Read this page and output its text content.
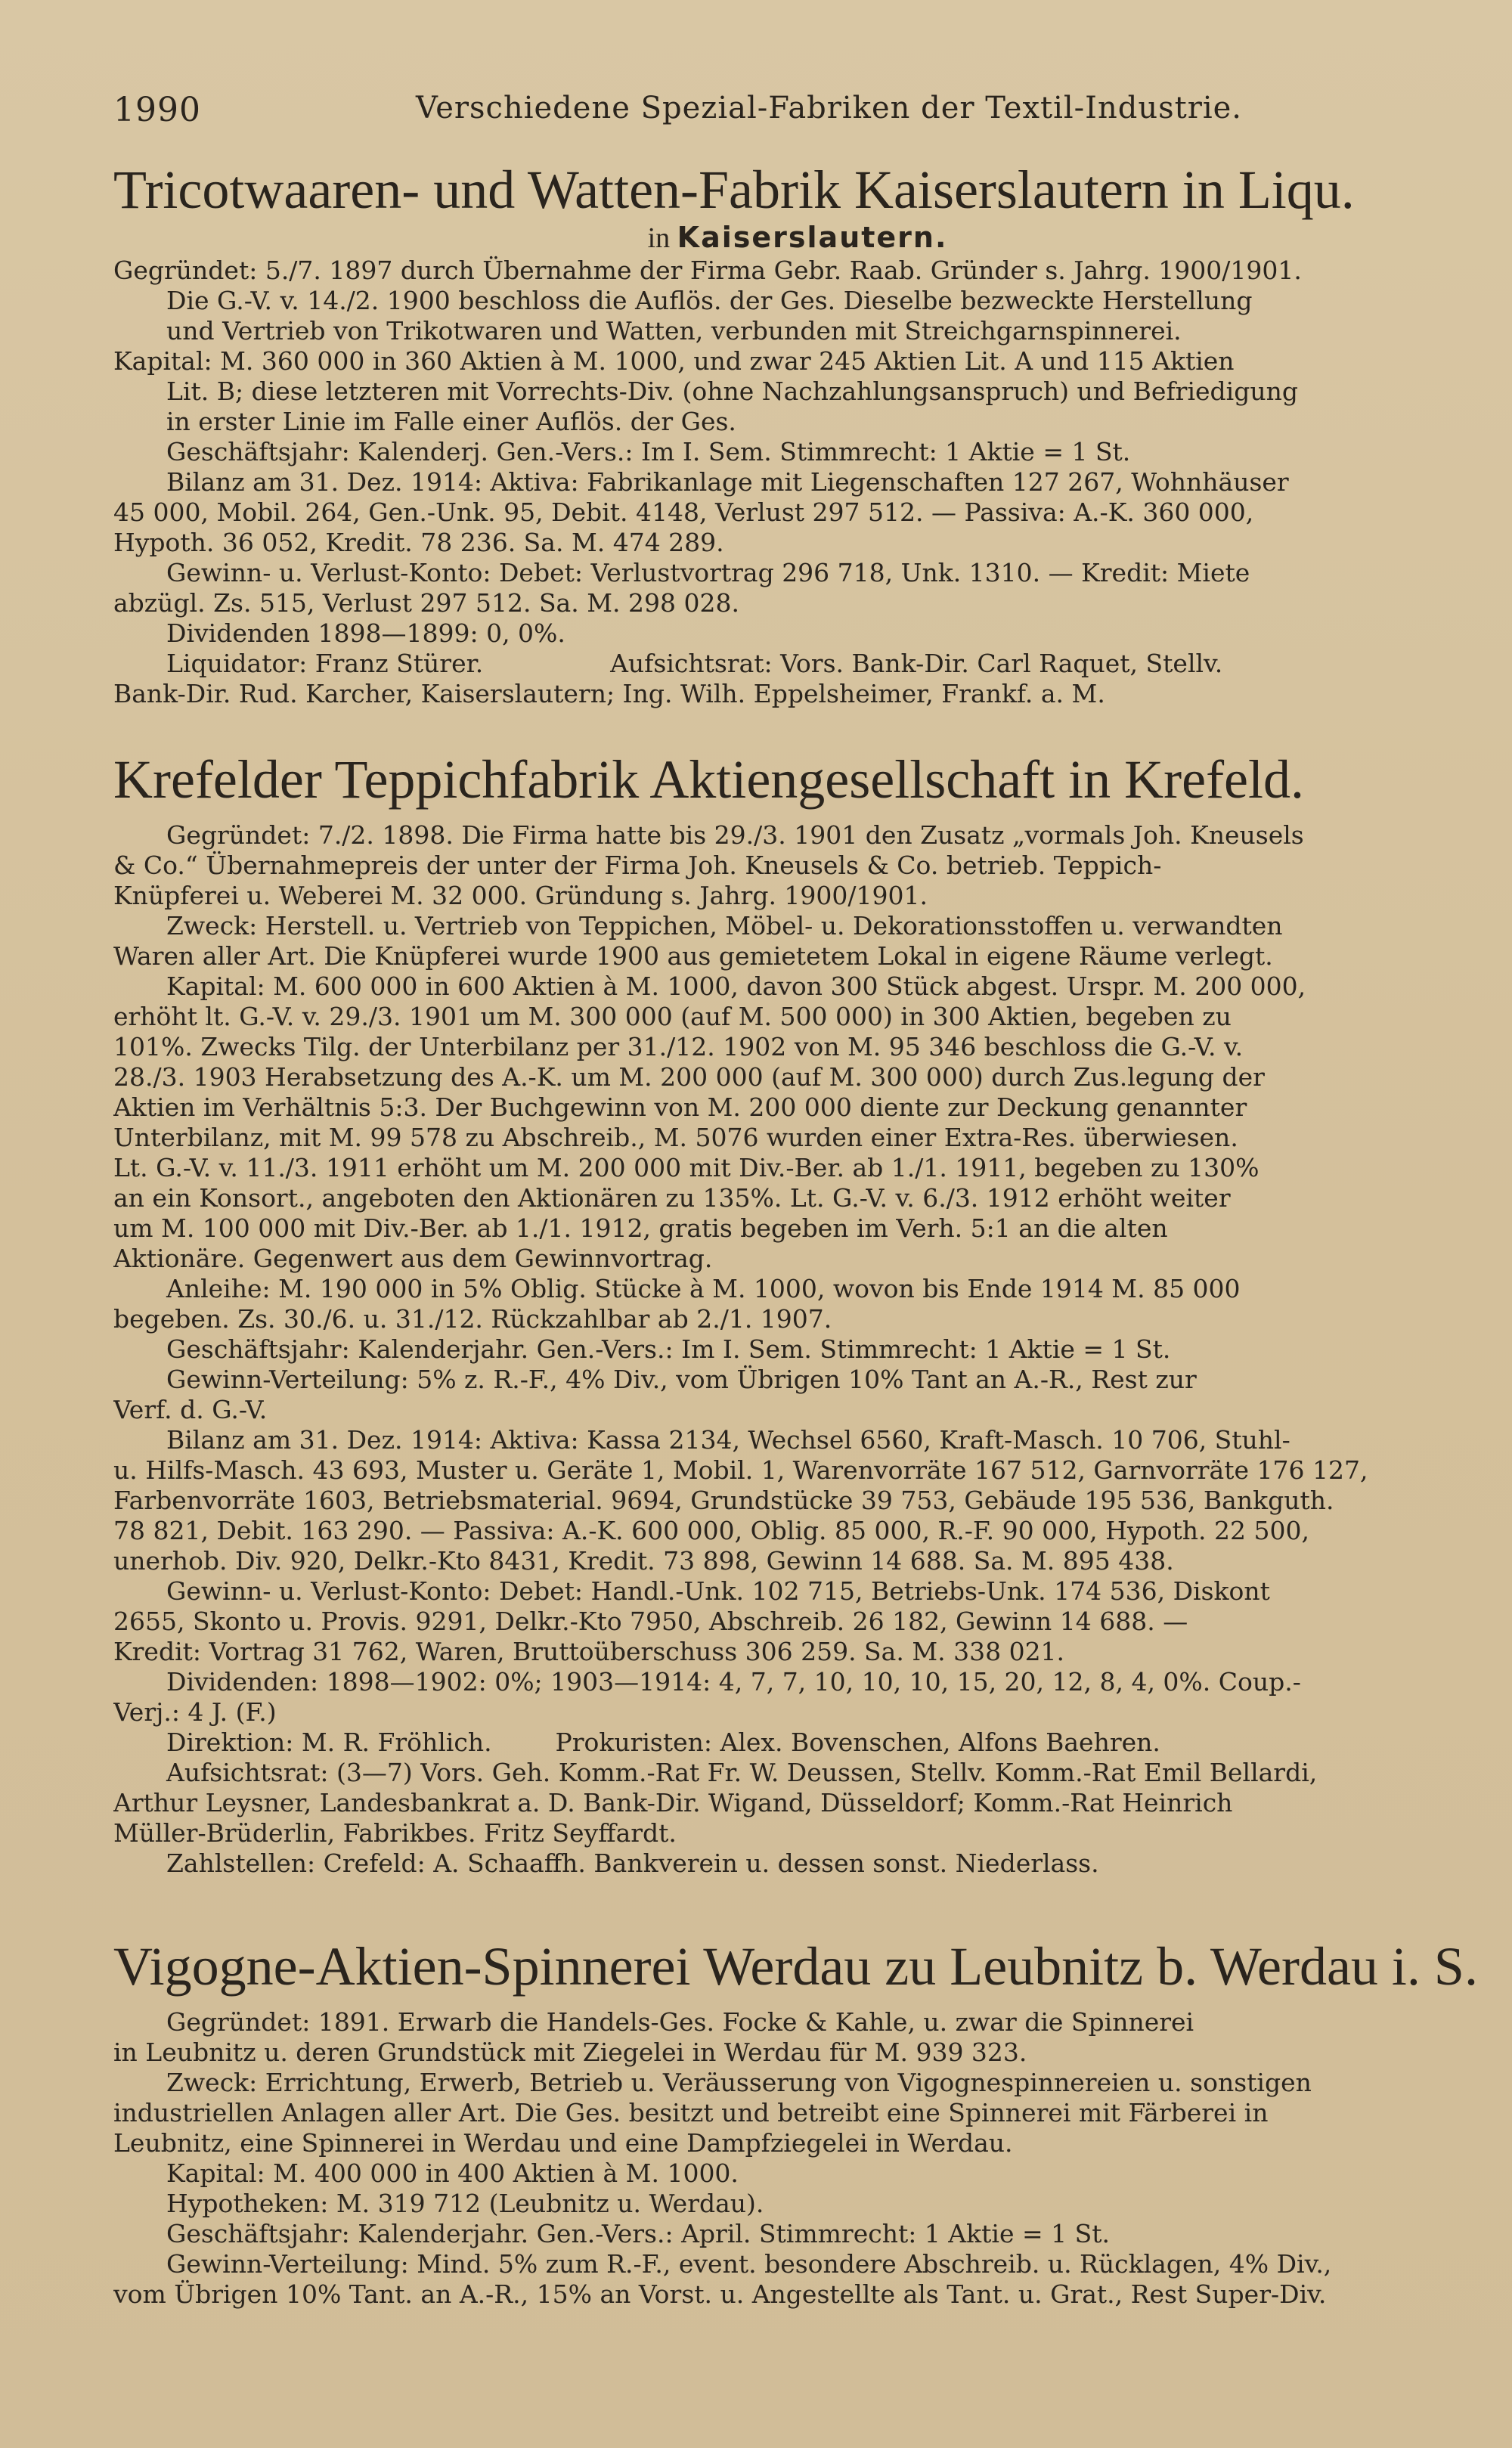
1990	Verschiedene Spezial-Fabriken der Textil-Industrie.
Tricotwaaren- und Watten-Fabrik Kaiserslautern in Liqu.
in Kaiserslautern.
Gegründet: 5./7. 1897 durch Übernahme der Firma Gebr. Raab. Gründer s. Jahrg. 1900/1901.
Die G.-V. v. 14./2. 1900 beschloss die Auflös. der Ges. Dieselbe bezweckte Herstellung
und Vertrieb von Trikotwaren und Watten, verbunden mit Streichgarnspinnerei.
Kapital: M. 360 000 in 360 Aktien à M. 1000, und zwar 245 Aktien Lit. A und 115 Aktien
Lit. B; diese letzteren mit Vorrechts-Div. (ohne Nachzahlungsanspruch) und Befriedigung
in erster Linie im Falle einer Auflös. der Ges.
Geschäftsjahr: Kalenderj. Gen.-Vers.: Im I. Sem. Stimmrecht: 1 Aktie = 1 St.
Bilanz am 31. Dez. 1914: Aktiva: Fabrikanlage mit Liegenschaften 127 267, Wohnhäuser
45 000, Mobil. 264, Gen.-Unk. 95, Debit. 4148, Verlust 297 512. — Passiva: A.-K. 360 000,
Hypoth. 36 052, Kredit. 78 236. Sa. M. 474 289.
Gewinn- u. Verlust-Konto: Debet: Verlustvortrag 296 718, Unk. 1310. — Kredit: Miete
abzügl. Zs. 515, Verlust 297 512. Sa. M. 298 028.
Dividenden 1898—1899: 0, 0%.
Liquidator: Franz Stürer.                Aufsichtsrat: Vors. Bank-Dir. Carl Raquet, Stellv.
Bank-Dir. Rud. Karcher, Kaiserslautern; Ing. Wilh. Eppelsheimer, Frankf. a. M.
Krefelder Teppichfabrik Aktiengesellschaft in Krefeld.
Gegründet: 7./2. 1898. Die Firma hatte bis 29./3. 1901 den Zusatz „vormals Joh. Kneusels
& Co.“ Übernahmepreis der unter der Firma Joh. Kneusels & Co. betrieb. Teppich-
Knüpferei u. Weberei M. 32 000. Gründung s. Jahrg. 1900/1901.
Zweck: Herstell. u. Vertrieb von Teppichen, Möbel- u. Dekorationsstoffen u. verwandten
Waren aller Art. Die Knüpferei wurde 1900 aus gemietetem Lokal in eigene Räume verlegt.
Kapital: M. 600 000 in 600 Aktien à M. 1000, davon 300 Stück abgest. Urspr. M. 200 000,
erhöht lt. G.-V. v. 29./3. 1901 um M. 300 000 (auf M. 500 000) in 300 Aktien, begeben zu
101%. Zwecks Tilg. der Unterbilanz per 31./12. 1902 von M. 95 346 beschloss die G.-V. v.
28./3. 1903 Herabsetzung des A.-K. um M. 200 000 (auf M. 300 000) durch Zus.legung der
Aktien im Verhältnis 5:3. Der Buchgewinn von M. 200 000 diente zur Deckung genannter
Unterbilanz, mit M. 99 578 zu Abschreib., M. 5076 wurden einer Extra-Res. überwiesen.
Lt. G.-V. v. 11./3. 1911 erhöht um M. 200 000 mit Div.-Ber. ab 1./1. 1911, begeben zu 130%
an ein Konsort., angeboten den Aktionären zu 135%. Lt. G.-V. v. 6./3. 1912 erhöht weiter
um M. 100 000 mit Div.-Ber. ab 1./1. 1912, gratis begeben im Verh. 5:1 an die alten
Aktionäre. Gegenwert aus dem Gewinnvortrag.
Anleihe: M. 190 000 in 5% Oblig. Stücke à M. 1000, wovon bis Ende 1914 M. 85 000
begeben. Zs. 30./6. u. 31./12. Rückzahlbar ab 2./1. 1907.
Geschäftsjahr: Kalenderjahr. Gen.-Vers.: Im I. Sem. Stimmrecht: 1 Aktie = 1 St.
Gewinn-Verteilung: 5% z. R.-F., 4% Div., vom Übrigen 10% Tant an A.-R., Rest zur
Verf. d. G.-V.
Bilanz am 31. Dez. 1914: Aktiva: Kassa 2134, Wechsel 6560, Kraft-Masch. 10 706, Stuhl-
u. Hilfs-Masch. 43 693, Muster u. Geräte 1, Mobil. 1, Warenvorräte 167 512, Garnvorräte 176 127,
Farbenvorräte 1603, Betriebsmaterial. 9694, Grundstücke 39 753, Gebäude 195 536, Bankguth.
78 821, Debit. 163 290. — Passiva: A.-K. 600 000, Oblig. 85 000, R.-F. 90 000, Hypoth. 22 500,
unerhob. Div. 920, Delkr.-Kto 8431, Kredit. 73 898, Gewinn 14 688. Sa. M. 895 438.
Gewinn- u. Verlust-Konto: Debet: Handl.-Unk. 102 715, Betriebs-Unk. 174 536, Diskont
2655, Skonto u. Provis. 9291, Delkr.-Kto 7950, Abschreib. 26 182, Gewinn 14 688. —
Kredit: Vortrag 31 762, Waren, Bruttoüberschuss 306 259. Sa. M. 338 021.
Dividenden: 1898—1902: 0%; 1903—1914: 4, 7, 7, 10, 10, 10, 15, 20, 12, 8, 4, 0%. Coup.-
Verj.: 4 J. (F.)
Direktion: M. R. Fröhlich.        Prokuristen: Alex. Bovenschen, Alfons Baehren.
Aufsichtsrat: (3—7) Vors. Geh. Komm.-Rat Fr. W. Deussen, Stellv. Komm.-Rat Emil Bellardi,
Arthur Leysner, Landesbankrat a. D. Bank-Dir. Wigand, Düsseldorf; Komm.-Rat Heinrich
Müller-Brüderlin, Fabrikbes. Fritz Seyffardt.
Zahlstellen: Crefeld: A. Schaaffh. Bankverein u. dessen sonst. Niederlass.
Vigogne-Aktien-Spinnerei Werdau zu Leubnitz b. Werdau i. S.
Gegründet: 1891. Erwarb die Handels-Ges. Focke & Kahle, u. zwar die Spinnerei
in Leubnitz u. deren Grundstück mit Ziegelei in Werdau für M. 939 323.
Zweck: Errichtung, Erwerb, Betrieb u. Veräusserung von Vigognespinnereien u. sonstigen
industriellen Anlagen aller Art. Die Ges. besitzt und betreibt eine Spinnerei mit Färberei in
Leubnitz, eine Spinnerei in Werdau und eine Dampfziegelei in Werdau.
Kapital: M. 400 000 in 400 Aktien à M. 1000.
Hypotheken: M. 319 712 (Leubnitz u. Werdau).
Geschäftsjahr: Kalenderjahr. Gen.-Vers.: April. Stimmrecht: 1 Aktie = 1 St.
Gewinn-Verteilung: Mind. 5% zum R.-F., event. besondere Abschreib. u. Rücklagen, 4% Div.,
vom Übrigen 10% Tant. an A.-R., 15% an Vorst. u. Angestellte als Tant. u. Grat., Rest Super-Div.
